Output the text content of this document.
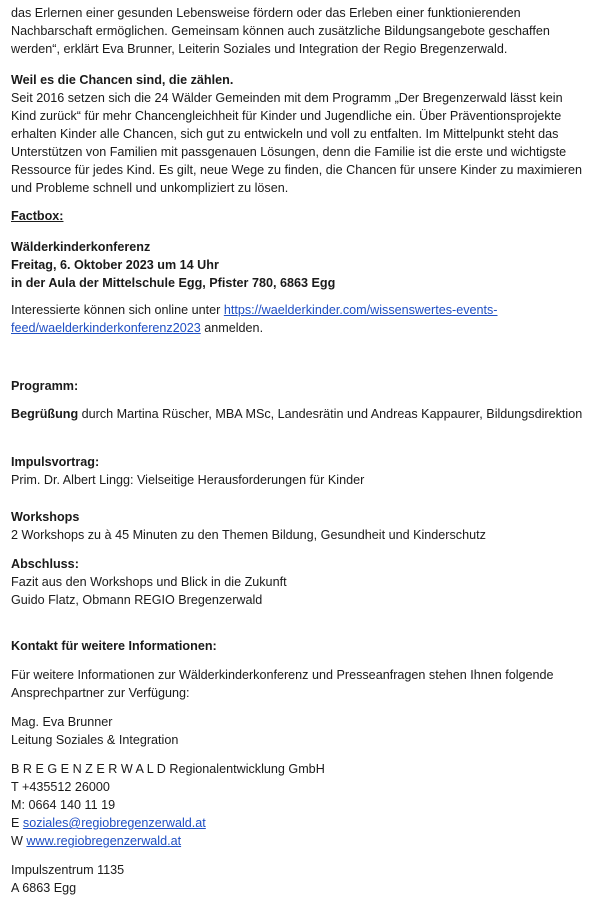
das Erlernen einer gesunden Lebensweise fördern oder das Erleben einer funktionierenden

Nachbarschaft ermöglichen. Gemeinsam können auch zusätzliche Bildungsangebote geschaffen

werden“, erklärt Eva Brunner, Leiterin Soziales und Integration der Regio Bregenzerwald.

Weil es die Chancen sind, die zählen.

Seit 2016 setzen sich die 24 Wälder Gemeinden mit dem Programm „Der Bregenzerwald lässt kein

Kind zurück“ für mehr Chancengleichheit für Kinder und Jugendliche ein. Über Präventionsprojekte

erhalten Kinder alle Chancen, sich gut zu entwickeln und voll zu entfalten. Im Mittelpunkt steht das

Unterstützen von Familien mit passgenauen Lösungen, denn die Familie ist die erste und wichtigste

Ressource für jedes Kind. Es gilt, neue Wege zu finden, die Chancen für unsere Kinder zu maximieren

und Probleme schnell und unkompliziert zu lösen.

Factbox:

Wälderkinderkonferenz

Freitag, 6. Oktober 2023 um 14 Uhr

in der Aula der Mittelschule Egg, Pfister 780, 6863 Egg

Interessierte können sich online unter https://waelderkinder.com/wissenswertes-events-

feed/waelderkinderkonferenz2023 anmelden.

Programm:

Begrüßung durch Martina Rüscher, MBA MSc, Landesrätin und Andreas Kappaurer, Bildungsdirektion

Impulsvortrag:

Prim. Dr. Albert Lingg: Vielseitige Herausforderungen für Kinder

Workshops

2 Workshops zu à 45 Minuten zu den Themen Bildung, Gesundheit und Kinderschutz

Abschluss:

Fazit aus den Workshops und Blick in die Zukunft

Guido Flatz, Obmann REGIO Bregenzerwald

Kontakt für weitere Informationen:

Für weitere Informationen zur Wälderkinderkonferenz und Presseanfragen stehen Ihnen folgende

Ansprechpartner zur Verfügung:

Mag. Eva Brunner

Leitung Soziales & Integration

B R E G E N Z E R W A L D Regionalentwicklung GmbH

T +435512 26000

M: 0664 140 11 19

E soziales@regiobregenzerwald.at

W www.regiobregenzerwald.at

Impulszentrum 1135

A 6863 Egg
